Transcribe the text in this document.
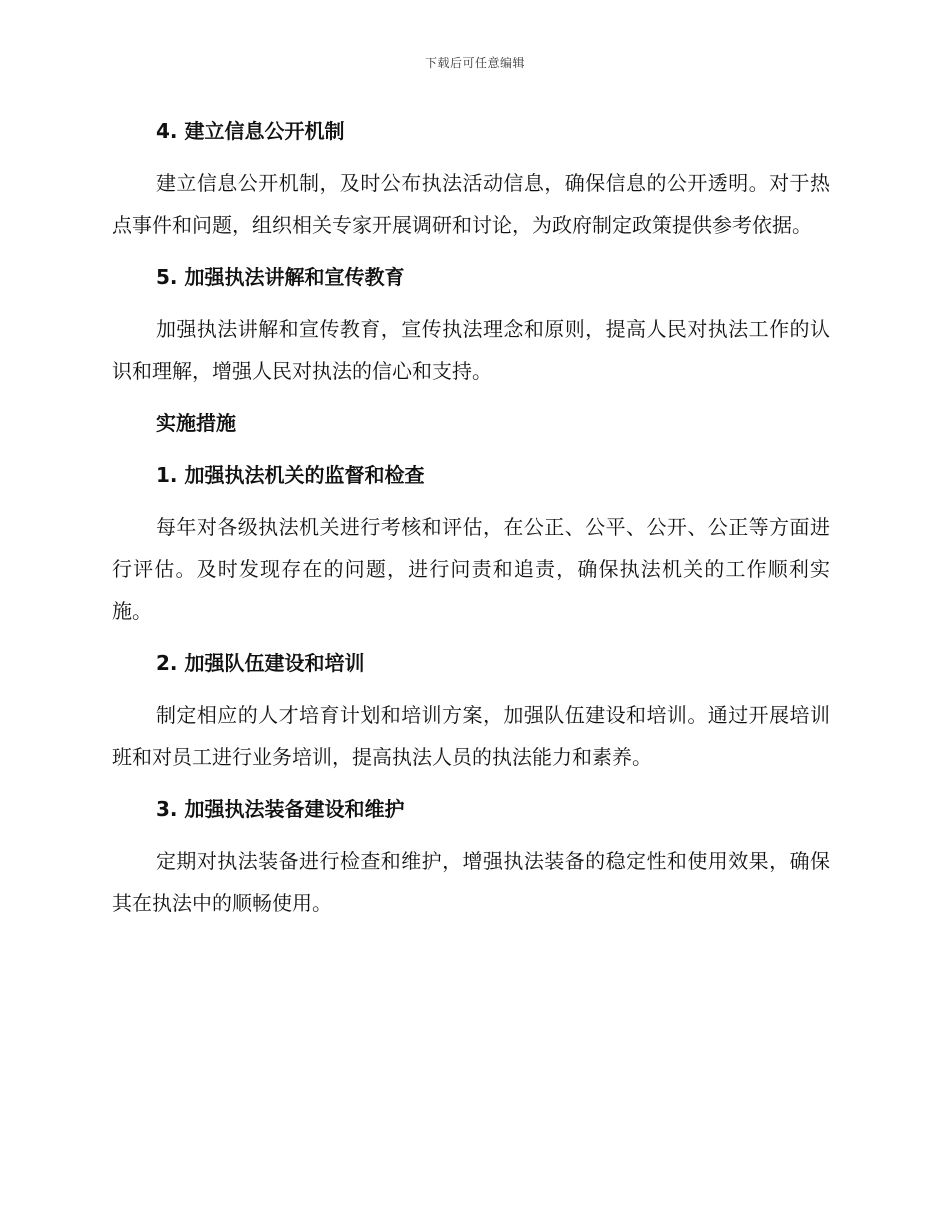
下载后可任意编辑
4. 建立信息公开机制
建立信息公开机制，及时公布执法活动信息，确保信息的公开透明。对于热点事件和问题，组织相关专家开展调研和讨论，为政府制定政策提供参考依据。
5. 加强执法讲解和宣传教育
加强执法讲解和宣传教育，宣传执法理念和原则，提高人民对执法工作的认识和理解，增强人民对执法的信心和支持。
实施措施
1. 加强执法机关的监督和检查
每年对各级执法机关进行考核和评估，在公正、公平、公开、公正等方面进行评估。及时发现存在的问题，进行问责和追责，确保执法机关的工作顺利实施。
2. 加强队伍建设和培训
制定相应的人才培育计划和培训方案，加强队伍建设和培训。通过开展培训班和对员工进行业务培训，提高执法人员的执法能力和素养。
3. 加强执法装备建设和维护
定期对执法装备进行检查和维护，增强执法装备的稳定性和使用效果，确保其在执法中的顺畅使用。
